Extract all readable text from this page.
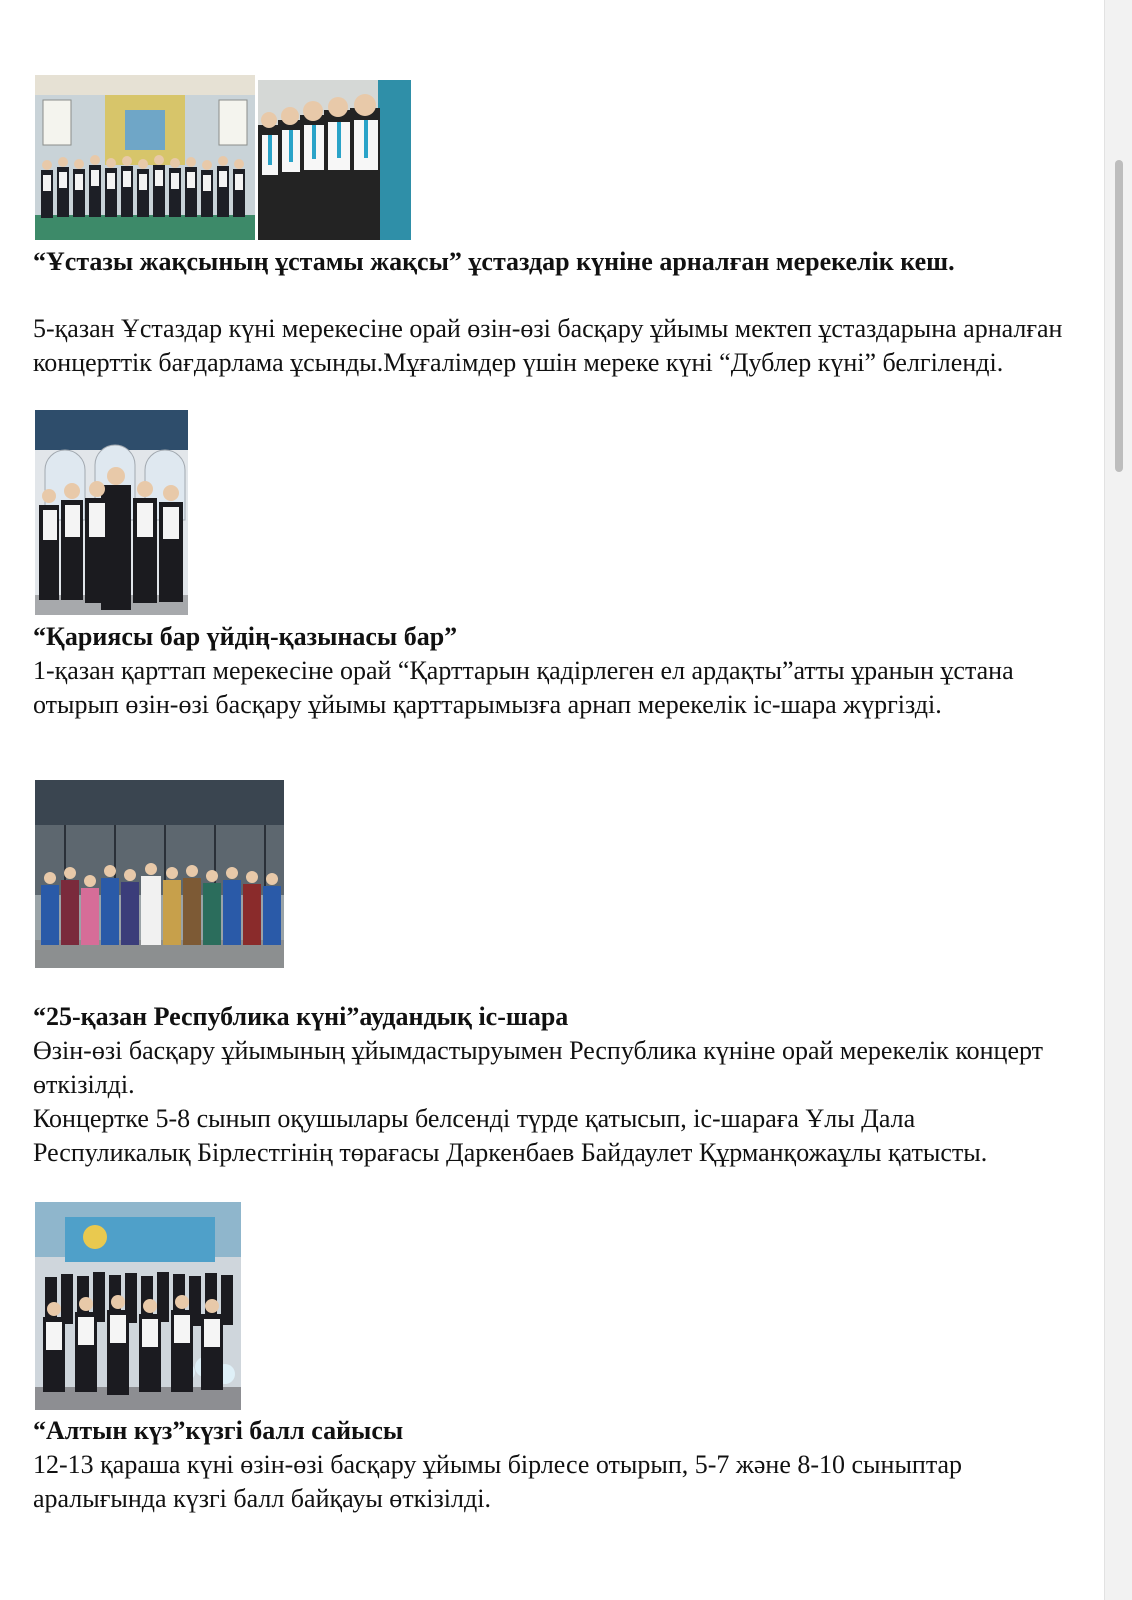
“Ұстазы жақсының ұстамы жақсы” ұстаздар күніне арналған мерекелік кеш.

5-қазан Ұстаздар күні мерекесіне орай өзін-өзі басқару ұйымы мектеп ұстаздарына арналған концерттік бағдарлама ұсынды.Мұғалімдер үшін мереке күні “Дублер күні” белгіленді.

“Қариясы бар үйдің-қазынасы бар”

1-қазан қарттап мерекесіне орай “Қарттарын қадірлеген ел ардақты”атты ұранын ұстана отырып өзін-өзі басқару ұйымы қарттарымызға арнап мерекелік іс-шара жүргізді.

“25-қазан Республика күні”аудандық іс-шара

Өзін-өзі басқару ұйымының ұйымдастыруымен Республика күніне орай мерекелік концерт өткізілді.

Концертке 5-8 сынып оқушылары белсенді түрде қатысып, іс-шараға Ұлы Дала Респуликалық Бірлестгінің төрағасы Даркенбаев Байдаулет Құрманқожаұлы қатысты.

“Алтын күз”күзгі балл сайысы

12-13 қараша күні өзін-өзі басқару ұйымы бірлесе отырып, 5-7 және 8-10 сыныптар аралығында күзгі балл байқауы өткізілді.
